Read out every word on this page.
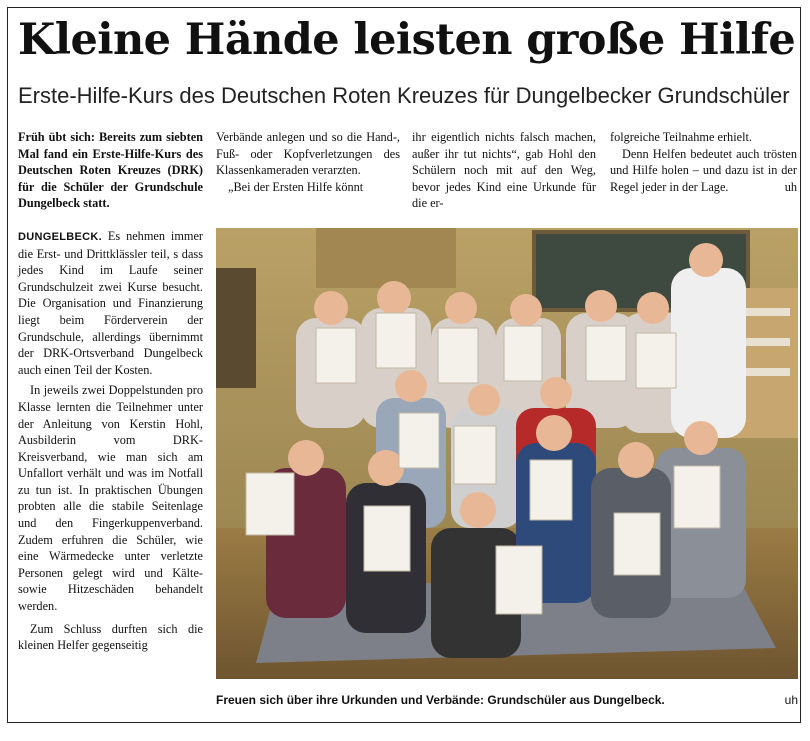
Kleine Hände leisten große Hilfe
Erste-Hilfe-Kurs des Deutschen Roten Kreuzes für Dungelbecker Grundschüler

Früh übt sich: Bereits zum siebten Mal fand ein Erste-Hilfe-Kurs des Deutschen Roten Kreuzes (DRK) für die Schüler der Grundschule Dungelbeck statt.

DUNGELBECK. Es nehmen immer die Erst- und Drittklässler teil, s dass jedes Kind im Laufe seiner Grundschulzeit zwei Kurse besucht. Die Organisation und Finanzierung liegt beim Förderverein der Grundschule, allerdings übernimmt der DRK-Ortsverband Dungelbeck auch einen Teil der Kosten.

In jeweils zwei Doppelstunden pro Klasse lernten die Teilnehmer unter der Anleitung von Kerstin Hohl, Ausbilderin vom DRK-Kreisverband, wie man sich am Unfallort verhält und was im Notfall zu tun ist. In praktischen Übungen probten alle die stabile Seitenlage und den Fingerkuppenverband. Zudem erfuhren die Schüler, wie eine Wärmedecke unter verletzte Personen gelegt wird und Kälte- sowie Hitzeschäden behandelt werden.

Zum Schluss durften sich die kleinen Helfer gegenseitig

Verbände anlegen und so die Hand-, Fuß- oder Kopfverletzungen des Klassenkameraden verarzten.

„Bei der Ersten Hilfe könnt

ihr eigentlich nichts falsch machen, außer ihr tut nichts“, gab Hohl den Schülern noch mit auf den Weg, bevor jedes Kind eine Urkunde für die er-

folgreiche Teilnahme erhielt.

Denn Helfen bedeutet auch trösten und Hilfe holen – und dazu ist in der Regel jeder in der Lage.	uh
Freuen sich über ihre Urkunden und Verbände: Grundschüler aus Dungelbeck.	uh
